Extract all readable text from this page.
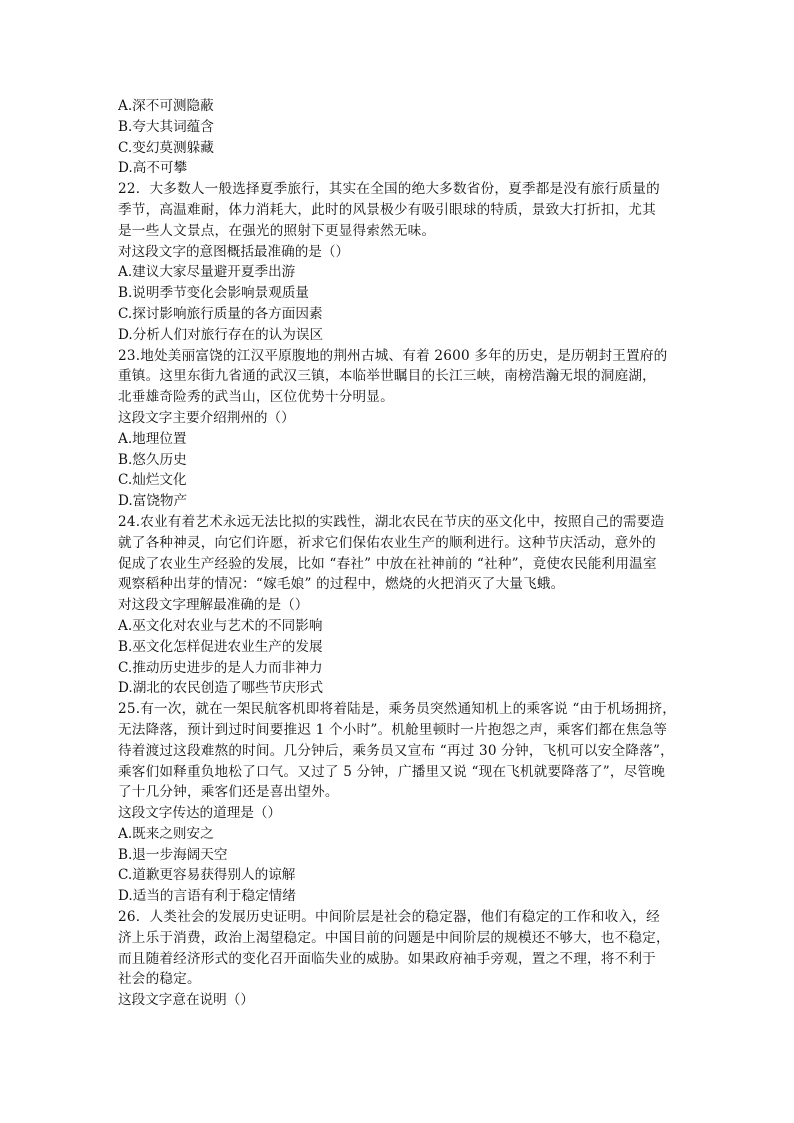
A.深不可测隐蔽
B.夸大其词蕴含
C.变幻莫测躲藏
D.高不可攀
22．大多数人一般选择夏季旅行，其实在全国的绝大多数省份，夏季都是没有旅行质量的
季节，高温难耐，体力消耗大，此时的风景极少有吸引眼球的特质，景致大打折扣，尤其
是一些人文景点，在强光的照射下更显得索然无味。
对这段文字的意图概括最准确的是（）
A.建议大家尽量避开夏季出游
B.说明季节变化会影响景观质量
C.探讨影响旅行质量的各方面因素
D.分析人们对旅行存在的认为误区
23.地处美丽富饶的江汉平原腹地的荆州古城、有着 2600 多年的历史，是历朝封王置府的
重镇。这里东街九省通的武汉三镇，本临举世瞩目的长江三峡，南榜浩瀚无垠的洞庭湖，
北垂雄奇险秀的武当山，区位优势十分明显。
这段文字主要介绍荆州的（）
A.地理位置
B.悠久历史
C.灿烂文化
D.富饶物产
24.农业有着艺术永远无法比拟的实践性，湖北农民在节庆的巫文化中，按照自己的需要造
就了各种神灵，向它们许愿，祈求它们保佑农业生产的顺利进行。这种节庆活动，意外的
促成了农业生产经验的发展，比如 “春社” 中放在社神前的 “社种”，竟使农民能利用温室
观察稻种出芽的情况：“嫁毛娘” 的过程中，燃烧的火把消灭了大量飞蛾。
对这段文字理解最准确的是（）
A.巫文化对农业与艺术的不同影响
B.巫文化怎样促进农业生产的发展
C.推动历史进步的是人力而非神力
D.湖北的农民创造了哪些节庆形式
25.有一次，就在一架民航客机即将着陆是，乘务员突然通知机上的乘客说 “由于机场拥挤，
无法降落，预计到过时间要推迟 1 个小时”。机舱里顿时一片抱怨之声，乘客们都在焦急等
待着渡过这段难熬的时间。几分钟后，乘务员又宣布 “再过 30 分钟，飞机可以安全降落”，
乘客们如释重负地松了口气。又过了 5 分钟，广播里又说 “现在飞机就要降落了”，尽管晚
了十几分钟，乘客们还是喜出望外。
这段文字传达的道理是（）
A.既来之则安之
B.退一步海阔天空
C.道歉更容易获得别人的谅解
D.适当的言语有利于稳定情绪
26．人类社会的发展历史证明。中间阶层是社会的稳定器，他们有稳定的工作和收入，经
济上乐于消费，政治上渴望稳定。中国目前的问题是中间阶层的规模还不够大，也不稳定，
而且随着经济形式的变化召开面临失业的威胁。如果政府袖手旁观，置之不理，将不利于
社会的稳定。
这段文字意在说明（）
